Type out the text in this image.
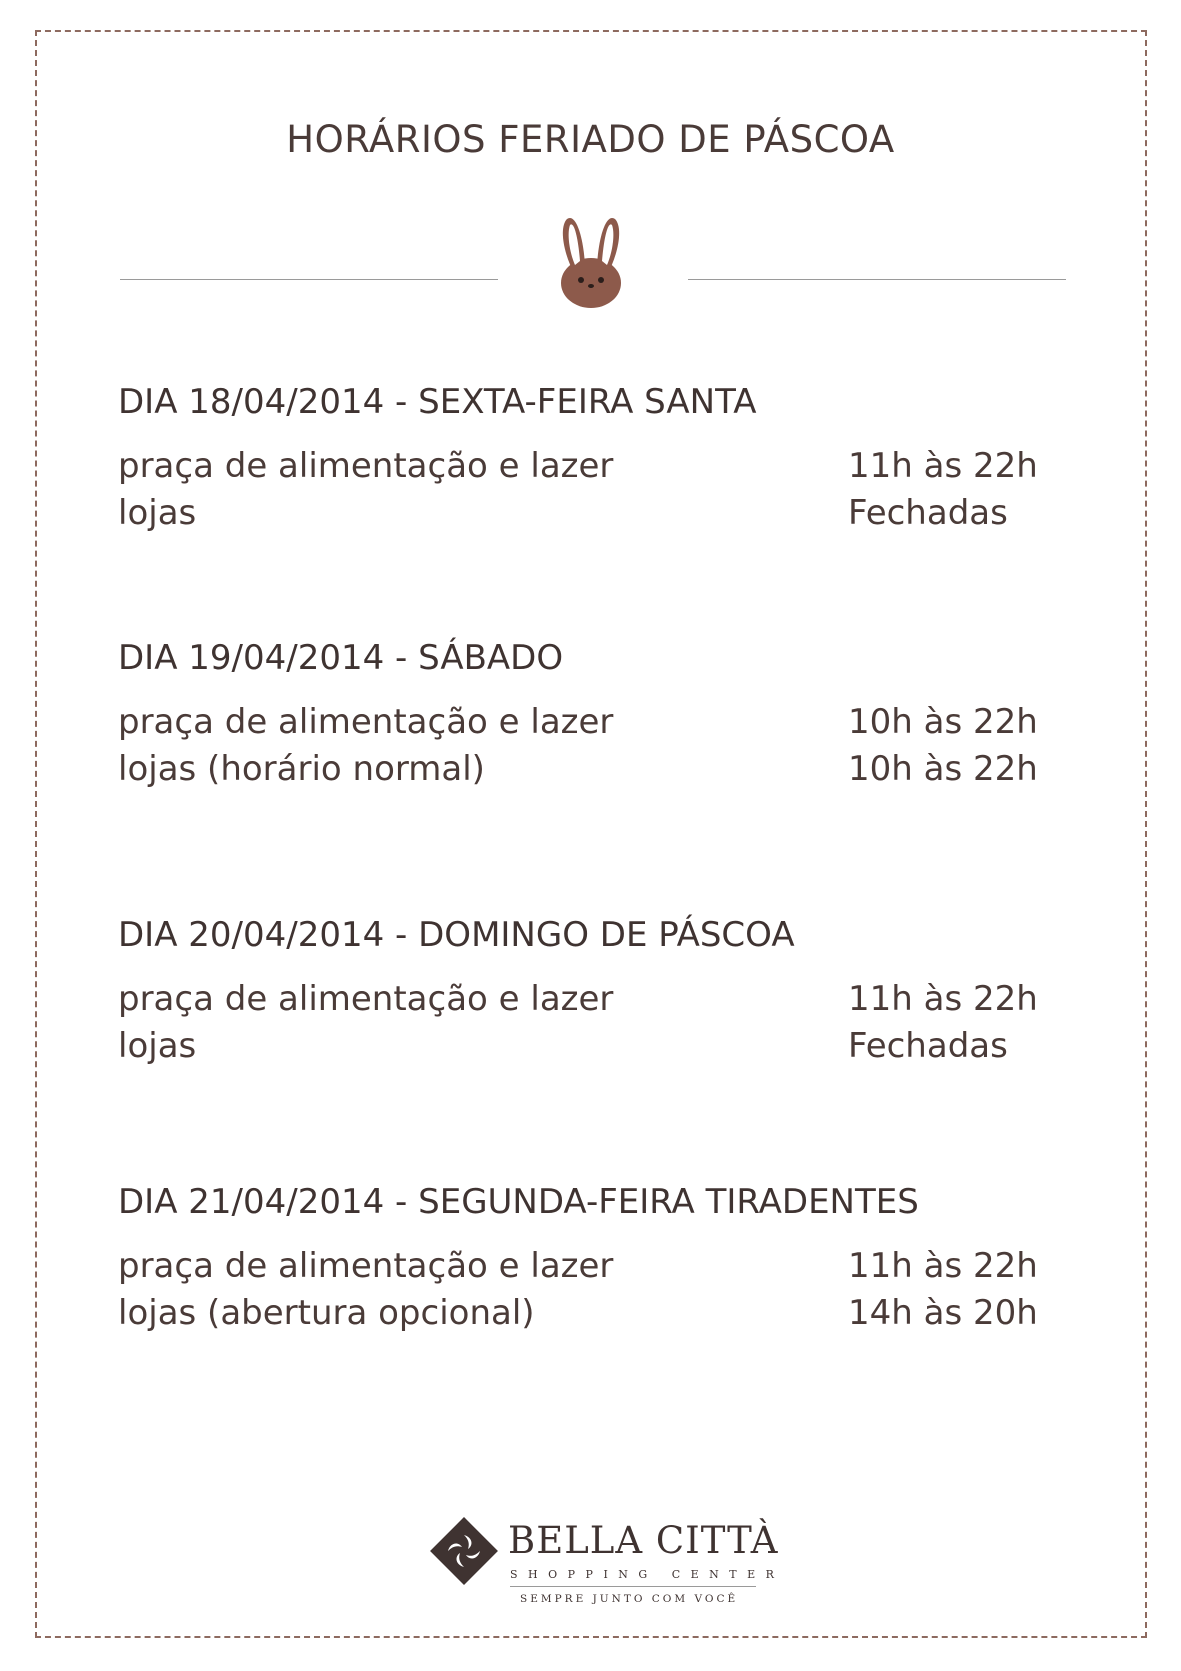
HORÁRIOS FERIADO DE PÁSCOA
DIA 18/04/2014 - SEXTA-FEIRA SANTA
praça de alimentação e lazer	11h às 22h
lojas	Fechadas
DIA 19/04/2014 - SÁBADO
praça de alimentação e lazer	10h às 22h
lojas (horário normal)	10h às 22h
DIA 20/04/2014 - DOMINGO DE PÁSCOA
praça de alimentação e lazer	11h às 22h
lojas	Fechadas
DIA 21/04/2014 - SEGUNDA-FEIRA TIRADENTES
praça de alimentação e lazer	11h às 22h
lojas (abertura opcional)	14h às 20h
BELLA CITTÀ
SHOPPING CENTER
SEMPRE JUNTO COM VOCÊ
